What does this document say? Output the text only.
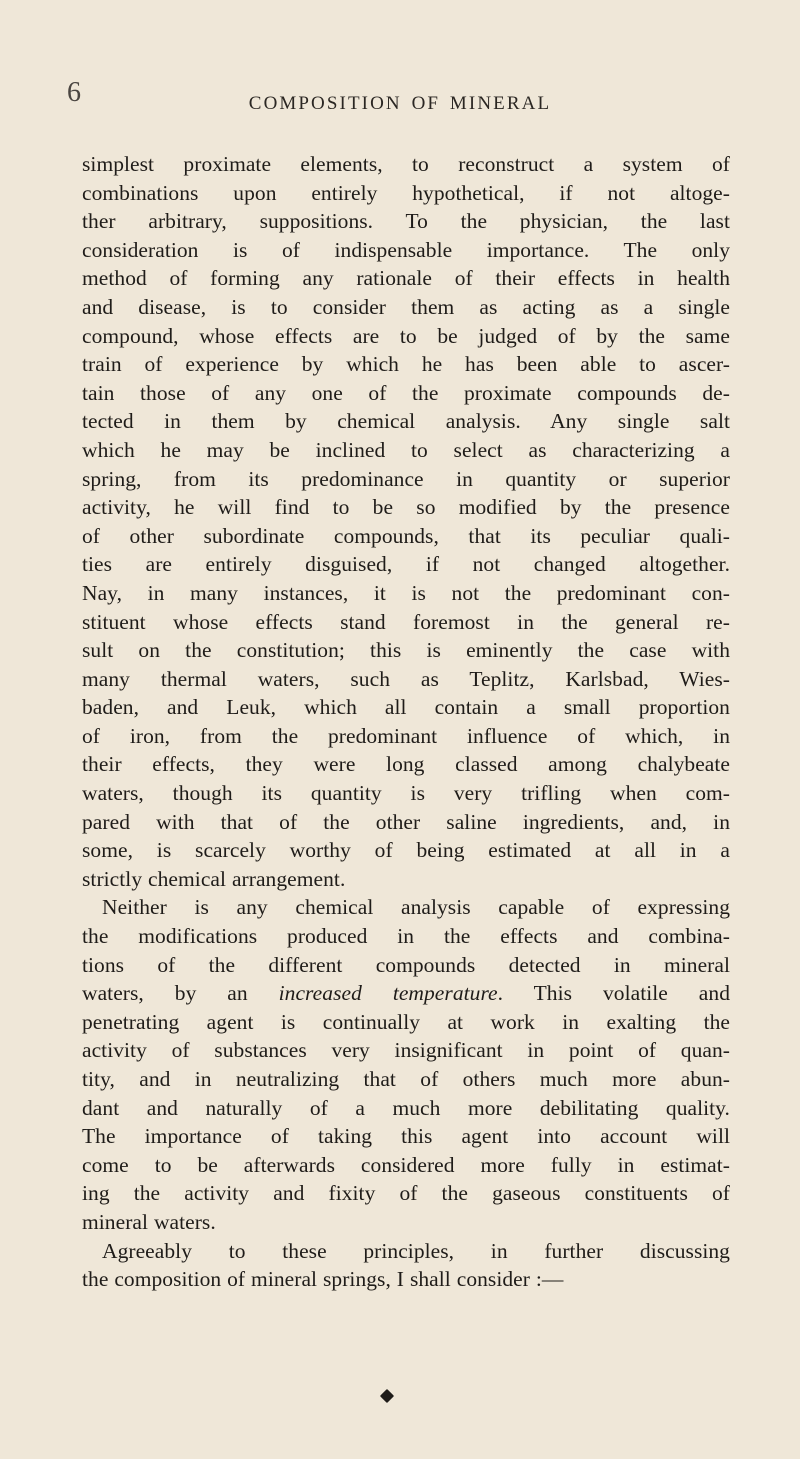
6	COMPOSITION OF MINERAL
simplest proximate elements, to reconstruct a system of
combinations upon entirely hypothetical, if not altoge-
ther arbitrary, suppositions. To the physician, the last
consideration is of indispensable importance. The only
method of forming any rationale of their effects in health
and disease, is to consider them as acting as a single
compound, whose effects are to be judged of by the same
train of experience by which he has been able to ascer-
tain those of any one of the proximate compounds de-
tected in them by chemical analysis. Any single salt
which he may be inclined to select as characterizing a
spring, from its predominance in quantity or superior
activity, he will find to be so modified by the presence
of other subordinate compounds, that its peculiar quali-
ties are entirely disguised, if not changed altogether.
Nay, in many instances, it is not the predominant con-
stituent whose effects stand foremost in the general re-
sult on the constitution; this is eminently the case with
many thermal waters, such as Teplitz, Karlsbad, Wies-
baden, and Leuk, which all contain a small proportion
of iron, from the predominant influence of which, in
their effects, they were long classed among chalybeate
waters, though its quantity is very trifling when com-
pared with that of the other saline ingredients, and, in
some, is scarcely worthy of being estimated at all in a
strictly chemical arrangement.
Neither is any chemical analysis capable of expressing
the modifications produced in the effects and combina-
tions of the different compounds detected in mineral
waters, by an increased temperature. This volatile and
penetrating agent is continually at work in exalting the
activity of substances very insignificant in point of quan-
tity, and in neutralizing that of others much more abun-
dant and naturally of a much more debilitating quality.
The importance of taking this agent into account will
come to be afterwards considered more fully in estimat-
ing the activity and fixity of the gaseous constituents of
mineral waters.
Agreeably to these principles, in further discussing
the composition of mineral springs, I shall consider :—
